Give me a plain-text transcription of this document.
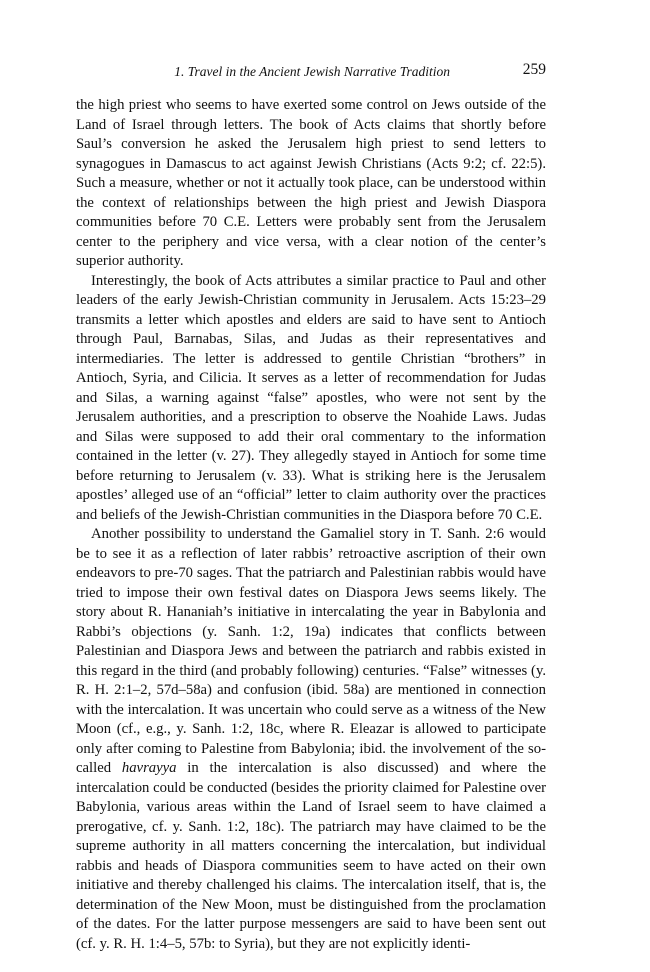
1. Travel in the Ancient Jewish Narrative Tradition	259

the high priest who seems to have exerted some control on Jews outside of the Land of Israel through letters. The book of Acts claims that shortly before Saul’s conversion he asked the Jerusalem high priest to send letters to synagogues in Damascus to act against Jewish Christians (Acts 9:2; cf. 22:5). Such a measure, whether or not it actually took place, can be understood within the context of relationships between the high priest and Jewish Diaspora communities before 70 C.E. Letters were probably sent from the Jerusalem center to the periphery and vice versa, with a clear notion of the center’s superior authority.

Interestingly, the book of Acts attributes a similar practice to Paul and other leaders of the early Jewish-Christian community in Jerusalem. Acts 15:23–29 transmits a letter which apostles and elders are said to have sent to Antioch through Paul, Barnabas, Silas, and Judas as their representatives and intermediaries. The letter is addressed to gentile Christian “brothers” in Antioch, Syria, and Cilicia. It serves as a letter of recommendation for Judas and Silas, a warning against “false” apostles, who were not sent by the Jerusalem authorities, and a prescription to observe the Noahide Laws. Judas and Silas were supposed to add their oral commentary to the information contained in the letter (v. 27). They allegedly stayed in Antioch for some time before returning to Jerusalem (v. 33). What is striking here is the Jerusalem apostles’ alleged use of an “official” letter to claim authority over the practices and beliefs of the Jewish-Christian communities in the Diaspora before 70 C.E.

Another possibility to understand the Gamaliel story in T. Sanh. 2:6 would be to see it as a reflection of later rabbis’ retroactive ascription of their own endeavors to pre-70 sages. That the patriarch and Palestinian rabbis would have tried to impose their own festival dates on Diaspora Jews seems likely. The story about R. Hananiah’s initiative in intercalating the year in Babylonia and Rabbi’s objections (y. Sanh. 1:2, 19a) indicates that conflicts between Palestinian and Diaspora Jews and between the patriarch and rabbis existed in this regard in the third (and probably following) centuries. “False” witnesses (y. R. H. 2:1–2, 57d–58a) and confusion (ibid. 58a) are mentioned in connection with the intercalation. It was uncertain who could serve as a witness of the New Moon (cf., e.g., y. Sanh. 1:2, 18c, where R. Eleazar is allowed to participate only after coming to Palestine from Babylonia; ibid. the involvement of the so-called havrayya in the intercalation is also discussed) and where the intercalation could be conducted (besides the priority claimed for Palestine over Babylonia, various areas within the Land of Israel seem to have claimed a prerogative, cf. y. Sanh. 1:2, 18c). The patriarch may have claimed to be the supreme authority in all matters concerning the intercalation, but individual rabbis and heads of Diaspora communities seem to have acted on their own initiative and thereby challenged his claims. The intercalation itself, that is, the determination of the New Moon, must be distinguished from the proclamation of the dates. For the latter purpose messengers are said to have been sent out (cf. y. R. H. 1:4–5, 57b: to Syria), but they are not explicitly identi-
